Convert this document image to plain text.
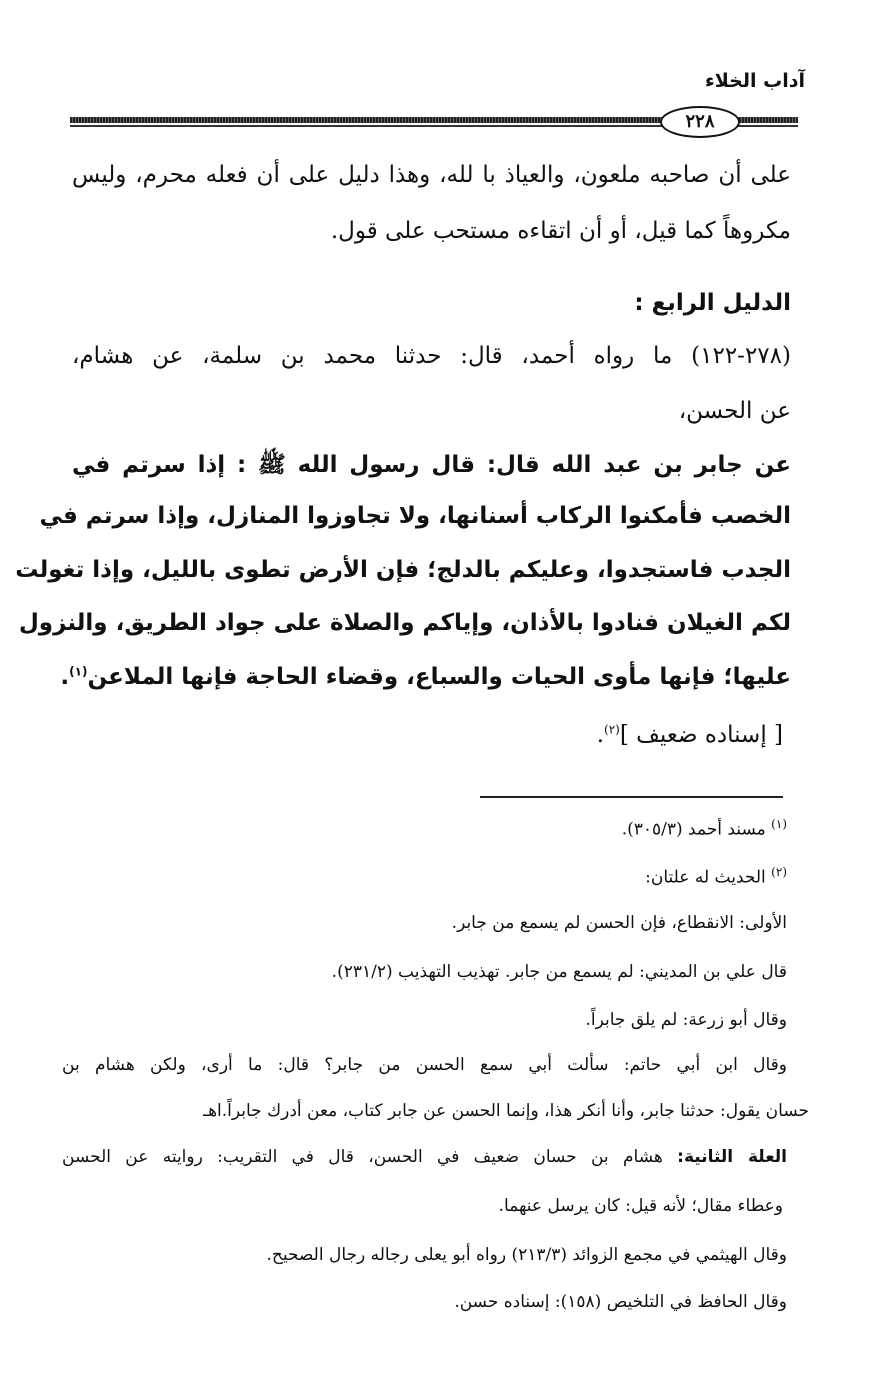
آداب الخلاء
٢٢٨
على أن صاحبه ملعون، والعياذ با لله، وهذا دليل على أن فعله محرم، وليس
مكروهاً كما قيل، أو أن اتقاءه مستحب على قول.
الدليل الرابع :
(٢٧٨-١٢٢) ما رواه أحمد، قال: حدثنا محمد بن سلمة، عن هشام،
عن الحسن،
عن جابر بن عبد الله قال: قال رسول الله ﷺ : إذا سرتم في
الخصب فأمكنوا الركاب أسنانها، ولا تجاوزوا المنازل، وإذا سرتم في
الجدب فاستجدوا، وعليكم بالدلج؛ فإن الأرض تطوى بالليل، وإذا تغولت
لكم الغيلان فنادوا بالأذان، وإياكم والصلاة على جواد الطريق، والنزول
عليها؛ فإنها مأوى الحيات والسباع، وقضاء الحاجة فإنها الملاعن$^{(١)}$.
[ إسناده ضعيف ]$^{(٢)}$.
$^{(١)}$ مسند أحمد (٣٠٥/٣).
$^{(٢)}$ الحديث له علتان:
الأولى: الانقطاع، فإن الحسن لم يسمع من جابر.
قال علي بن المديني: لم يسمع من جابر. تهذيب التهذيب (٢٣١/٢).
وقال أبو زرعة: لم يلق جابراً.
وقال ابن أبي حاتم: سألت أبي سمع الحسن من جابر؟ قال: ما أرى، ولكن هشام بن
حسان يقول: حدثنا جابر، وأنا أنكر هذا، وإنما الحسن عن جابر كتاب، معن أدرك جابراً.اهـ
العلة الثانية: هشام بن حسان ضعيف في الحسن، قال في التقريب: روايته عن الحسن
وعطاء مقال؛ لأنه قيل: كان يرسل عنهما.
وقال الهيثمي في مجمع الزوائد (٢١٣/٣) رواه أبو يعلى رجاله رجال الصحيح.
وقال الحافظ في التلخيص (١٥٨): إسناده حسن.
